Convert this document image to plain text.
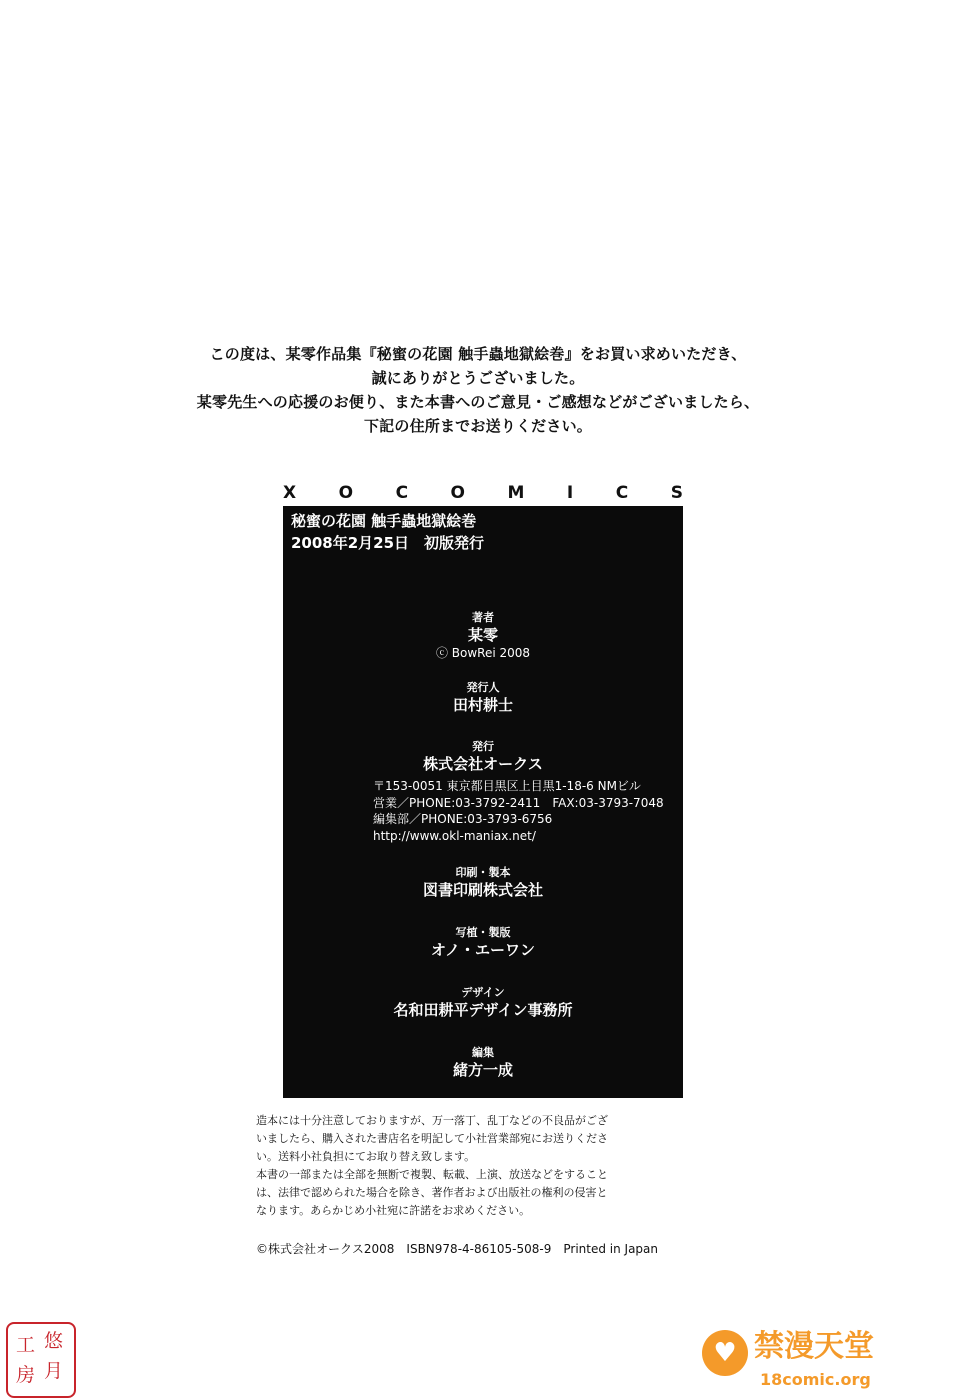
この度は、某零作品集『秘蜜の花園 触手蟲地獄絵巻』をお買い求めいただき、
誠にありがとうございました。
某零先生への応援のお便り、また本書へのご意見・ご感想などがございましたら、
下記の住所までお送りください。
X	O	C	O	M	I	C	S
秘蜜の花園 触手蟲地獄絵巻
2008年2月25日　初版発行
著者
某零
ⓒ BowRei 2008
発行人
田村耕士
発行
株式会社オークス
〒153-0051 東京都目黒区上目黒1-18-6 NMビル
営業／PHONE:03-3792-2411　FAX:03-3793-7048
編集部／PHONE:03-3793-6756
http://www.okl-maniax.net/
印刷・製本
図書印刷株式会社
写植・製版
オノ・エーワン
デザイン
名和田耕平デザイン事務所
編集
緒方一成
造本には十分注意しておりますが、万一落丁、乱丁などの不良品がござ
いましたら、購入された書店名を明記して小社営業部宛にお送りくださ
い。送料小社負担にてお取り替え致します。
本書の一部または全部を無断で複製、転載、上演、放送などをすること
は、法律で認められた場合を除き、著作者および出版社の権利の侵害と
なります。あらかじめ小社宛に許諾をお求めください。
©株式会社オークス2008　ISBN978-4-86105-508-9　Printed in Japan
悠
月
工
房
♥ 禁漫天堂
18comic.org
